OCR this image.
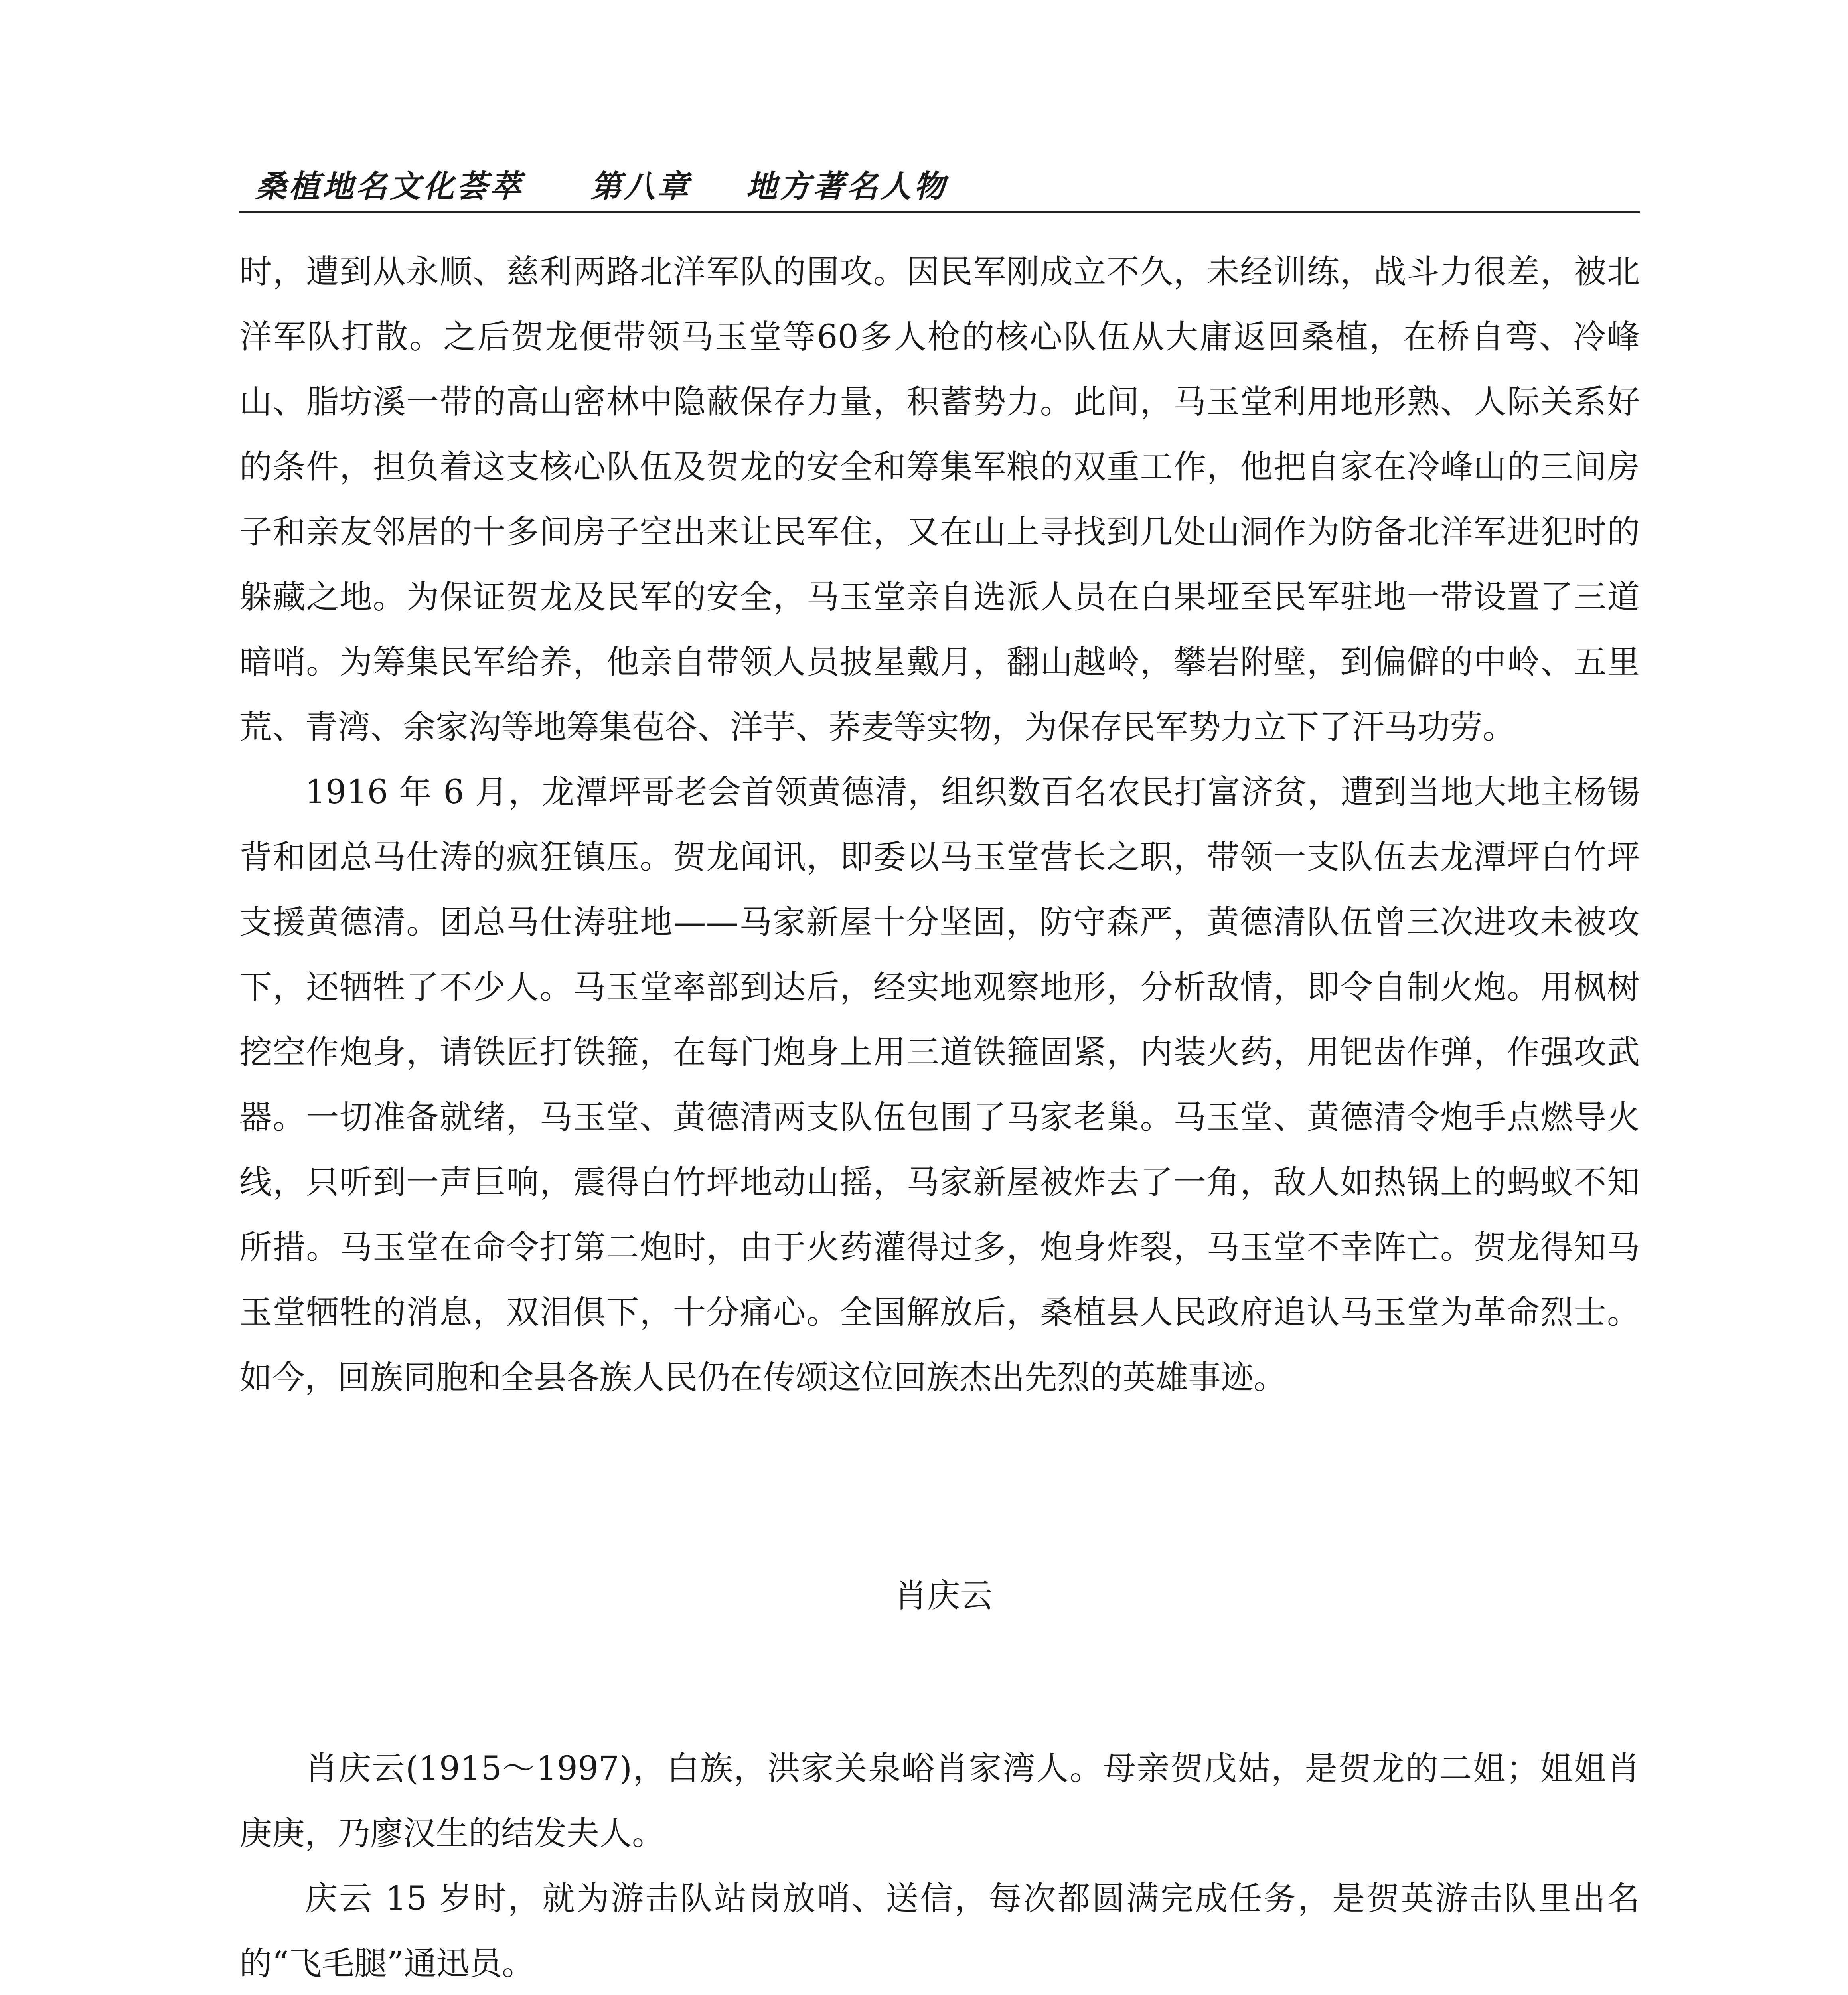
桑植地名文化荟萃 第八章 地方著名人物

时，遭到从永顺、慈利两路北洋军队的围攻。因民军刚成立不久，未经训练，战斗力很差，被北洋军队打散。之后贺龙便带领马玉堂等60多人枪的核心队伍从大庸返回桑植，在桥自弯、冷峰山、脂坊溪一带的高山密林中隐蔽保存力量，积蓄势力。此间，马玉堂利用地形熟、人际关系好的条件，担负着这支核心队伍及贺龙的安全和筹集军粮的双重工作，他把自家在冷峰山的三间房子和亲友邻居的十多间房子空出来让民军住，又在山上寻找到几处山洞作为防备北洋军进犯时的躲藏之地。为保证贺龙及民军的安全，马玉堂亲自选派人员在白果垭至民军驻地一带设置了三道暗哨。为筹集民军给养，他亲自带领人员披星戴月，翻山越岭，攀岩附壁，到偏僻的中岭、五里荒、青湾、余家沟等地筹集苞谷、洋芋、荞麦等实物，为保存民军势力立下了汗马功劳。

1916 年 6 月，龙潭坪哥老会首领黄德清，组织数百名农民打富济贫，遭到当地大地主杨锡背和团总马仕涛的疯狂镇压。贺龙闻讯，即委以马玉堂营长之职，带领一支队伍去龙潭坪白竹坪支援黄德清。团总马仕涛驻地——马家新屋十分坚固，防守森严，黄德清队伍曾三次进攻未被攻下，还牺牲了不少人。马玉堂率部到达后，经实地观察地形，分析敌情，即令自制火炮。用枫树挖空作炮身，请铁匠打铁箍，在每门炮身上用三道铁箍固紧，内装火药，用钯齿作弹，作强攻武器。一切准备就绪，马玉堂、黄德清两支队伍包围了马家老巢。马玉堂、黄德清令炮手点燃导火线，只听到一声巨响，震得白竹坪地动山摇，马家新屋被炸去了一角，敌人如热锅上的蚂蚁不知所措。马玉堂在命令打第二炮时，由于火药灌得过多，炮身炸裂，马玉堂不幸阵亡。贺龙得知马玉堂牺牲的消息，双泪俱下，十分痛心。全国解放后，桑植县人民政府追认马玉堂为革命烈士。如今，回族同胞和全县各族人民仍在传颂这位回族杰出先烈的英雄事迹。

肖庆云

肖庆云(1915～1997)，白族，洪家关泉峪肖家湾人。母亲贺戊姑，是贺龙的二姐；姐姐肖庚庚，乃廖汉生的结发夫人。

庆云 15 岁时，就为游击队站岗放哨、送信，每次都圆满完成任务，是贺英游击队里出名的“飞毛腿”通迅员。
